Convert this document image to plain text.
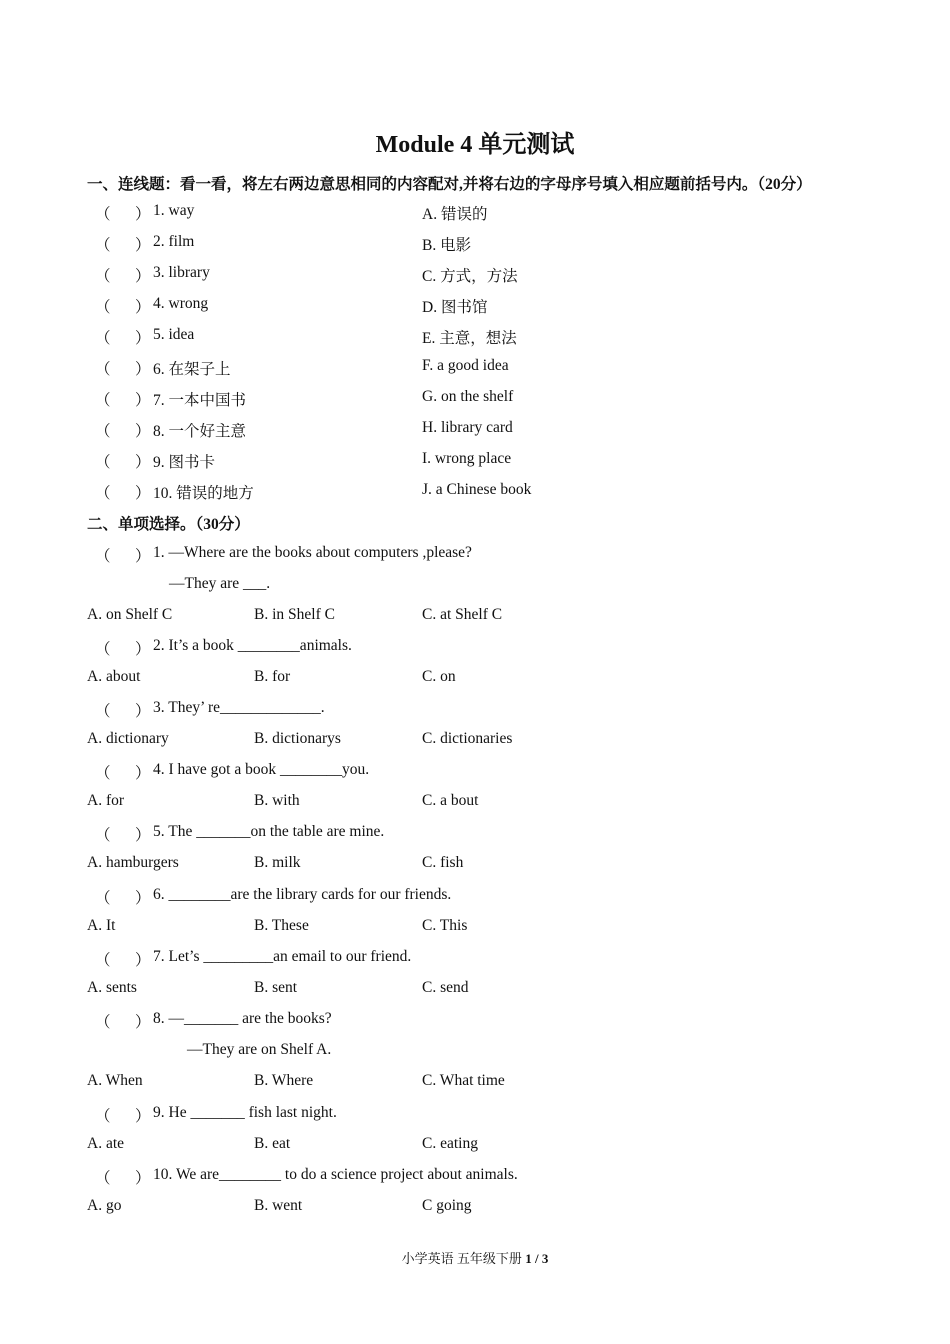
Module 4 单元测试
一、连线题：看一看，将左右两边意思相同的内容配对,并将右边的字母序号填入相应题前括号内。（20分）
（ ） 1. way	A. 错误的
（ ） 2. film	B. 电影
（ ） 3. library	C. 方式，方法
（ ） 4. wrong	D. 图书馆
（ ） 5. idea	E. 主意，想法
（ ） 6. 在架子上	F. a good idea
（ ） 7. 一本中国书	G. on the shelf
（ ） 8. 一个好主意	H. library card
（ ） 9. 图书卡	I. wrong place
（ ） 10. 错误的地方	J. a Chinese book
二、单项选择。（30分）
（ ） 1. —Where are the books about computers ,please?
—They are ___.
A. on Shelf C	B. in Shelf C	C. at Shelf C
（ ） 2. It’s a book ________animals.
A. about	B. for	C. on
（ ） 3. They’ re_____________.
A. dictionary	B. dictionarys	C. dictionaries
（ ） 4. I have got a book ________you.
A. for	B. with	C. a bout
（ ） 5. The _______on the table are mine.
A. hamburgers	B. milk	C. fish
（ ） 6. ________are the library cards for our friends.
A. It	B. These	C. This
（ ） 7. Let’s _________an email to our friend.
A. sents	B. sent	C. send
（ ） 8. —_______ are the books?
—They are on Shelf A.
A. When	B. Where	C. What time
（ ） 9. He _______ fish last night.
A. ate	B. eat	C. eating
（ ） 10. We are________ to do a science project about animals.
A. go	B. went	C going
小学英语 五年级下册 1 / 3
